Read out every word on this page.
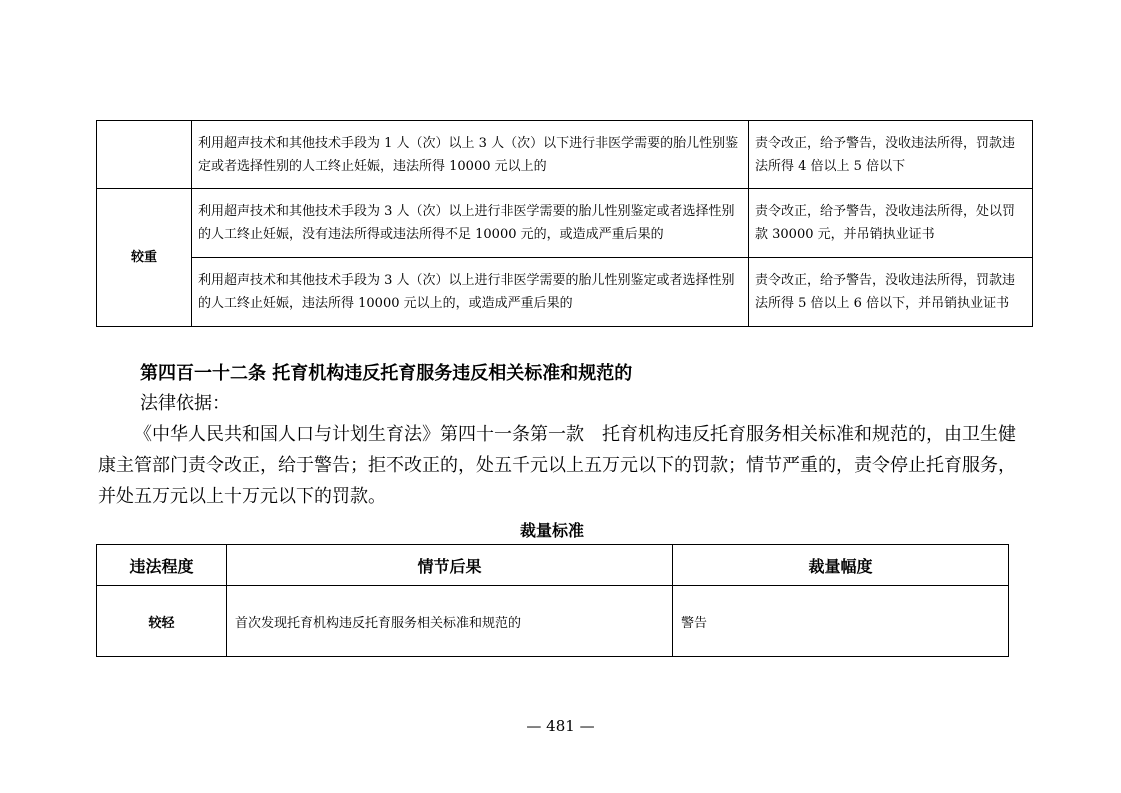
	利用超声技术和其他技术手段为 1 人（次）以上 3 人（次）以下进行非医学需要的胎儿性别鉴定或者选择性别的人工终止妊娠，违法所得 10000 元以上的	责令改正，给予警告，没收违法所得，罚款违法所得 4 倍以上 5 倍以下
较重	利用超声技术和其他技术手段为 3 人（次）以上进行非医学需要的胎儿性别鉴定或者选择性别的人工终止妊娠，没有违法所得或违法所得不足 10000 元的，或造成严重后果的	责令改正，给予警告，没收违法所得，处以罚款 30000 元，并吊销执业证书
	利用超声技术和其他技术手段为 3 人（次）以上进行非医学需要的胎儿性别鉴定或者选择性别的人工终止妊娠，违法所得 10000 元以上的，或造成严重后果的	责令改正，给予警告，没收违法所得，罚款违法所得 5 倍以上 6 倍以下，并吊销执业证书

第四百一十二条 托育机构违反托育服务违反相关标准和规范的

法律依据：

《中华人民共和国人口与计划生育法》第四十一条第一款　托育机构违反托育服务相关标准和规范的，由卫生健康主管部门责令改正，给于警告；拒不改正的，处五千元以上五万元以下的罚款；情节严重的，责令停止托育服务，并处五万元以上十万元以下的罚款。

裁量标准

违法程度	情节后果	裁量幅度
较轻	首次发现托育机构违反托育服务相关标准和规范的	警告

— 481 —
